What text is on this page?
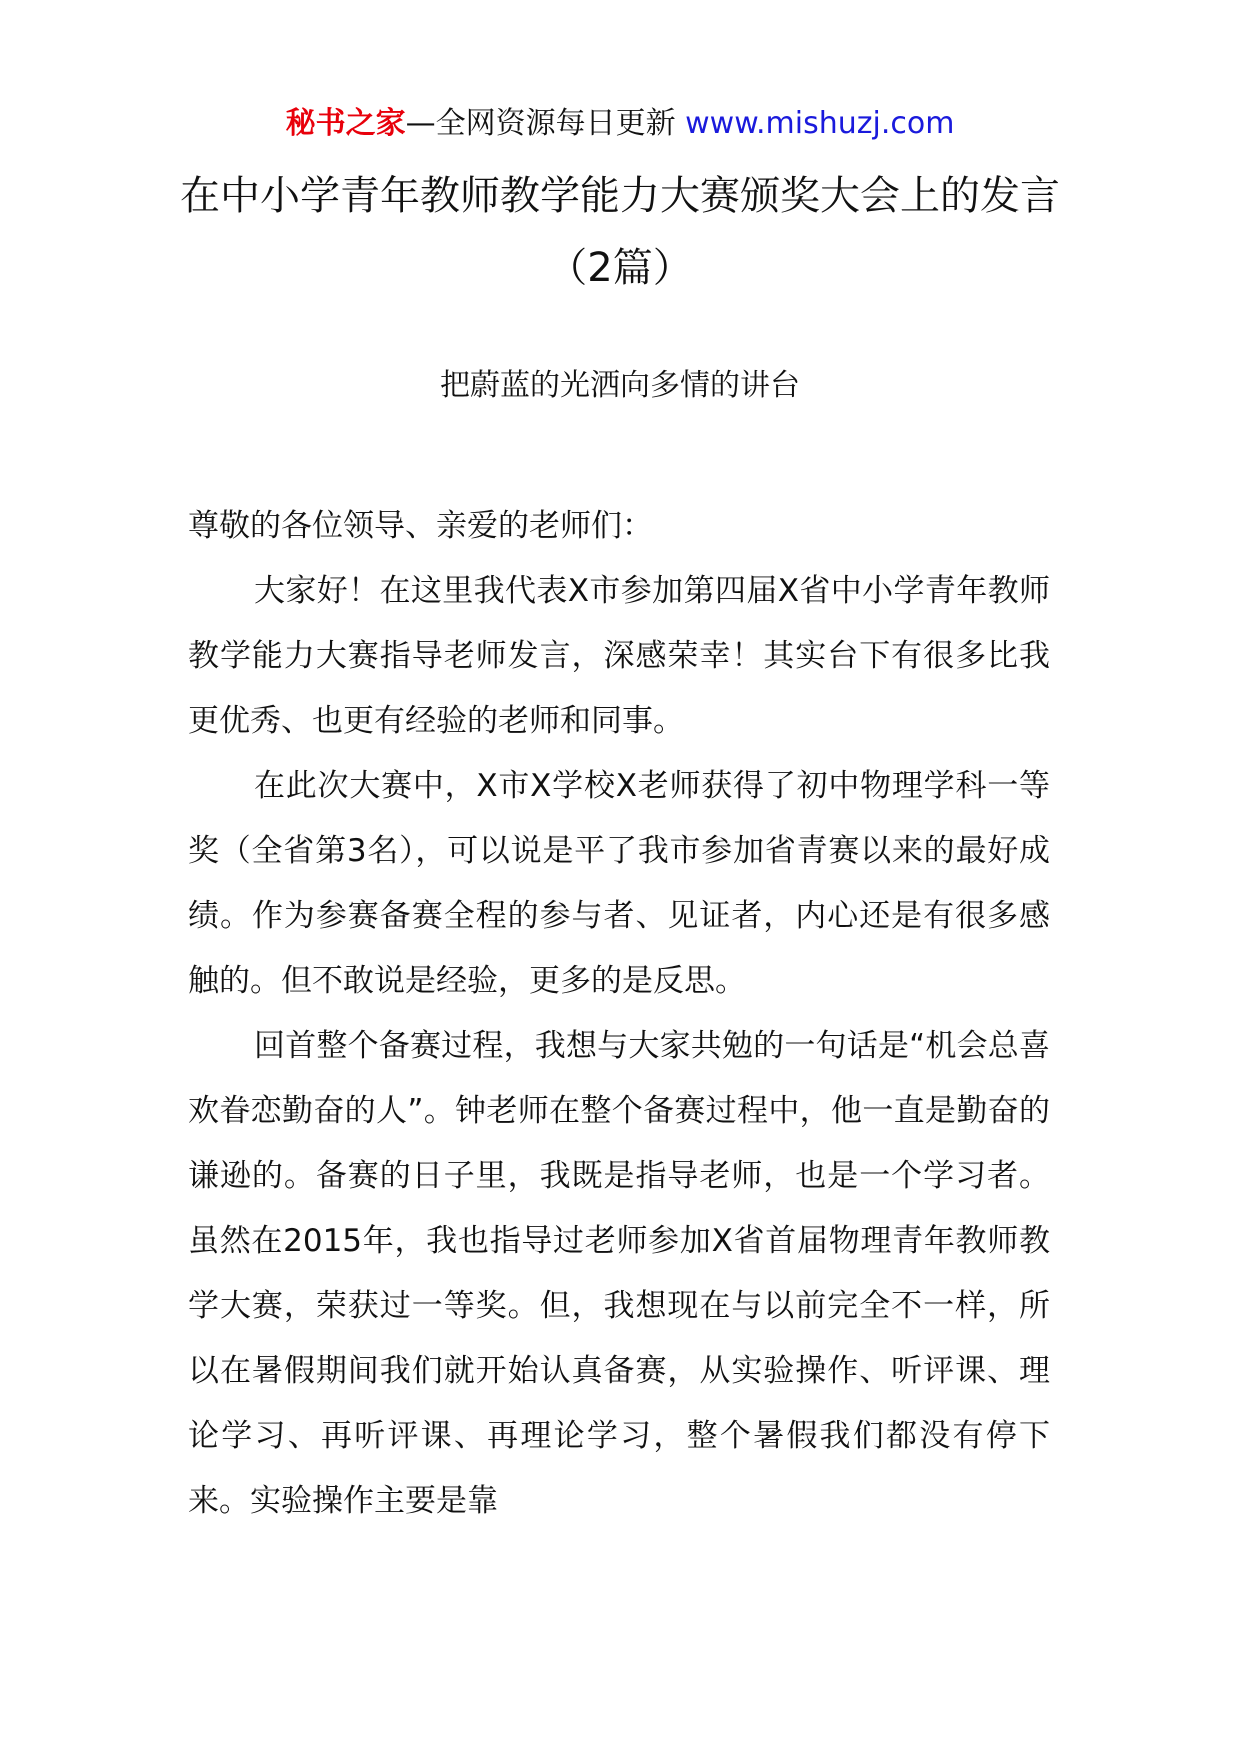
秘书之家—全网资源每日更新 www.mishuzj.com
在中小学青年教师教学能力大赛颁奖大会上的发言（2篇）
把蔚蓝的光洒向多情的讲台

尊敬的各位领导、亲爱的老师们：

大家好！在这里我代表X市参加第四届X省中小学青年教师教学能力大赛指导老师发言，深感荣幸！其实台下有很多比我更优秀、也更有经验的老师和同事。

在此次大赛中，X市X学校X老师获得了初中物理学科一等奖（全省第3名），可以说是平了我市参加省青赛以来的最好成绩。作为参赛备赛全程的参与者、见证者，内心还是有很多感触的。但不敢说是经验，更多的是反思。

回首整个备赛过程，我想与大家共勉的一句话是“机会总喜欢眷恋勤奋的人”。钟老师在整个备赛过程中，他一直是勤奋的谦逊的。备赛的日子里，我既是指导老师，也是一个学习者。虽然在2015年，我也指导过老师参加X省首届物理青年教师教学大赛，荣获过一等奖。但，我想现在与以前完全不一样，所以在暑假期间我们就开始认真备赛，从实验操作、听评课、理论学习、再听评课、再理论学习，整个暑假我们都没有停下来。实验操作主要是靠
